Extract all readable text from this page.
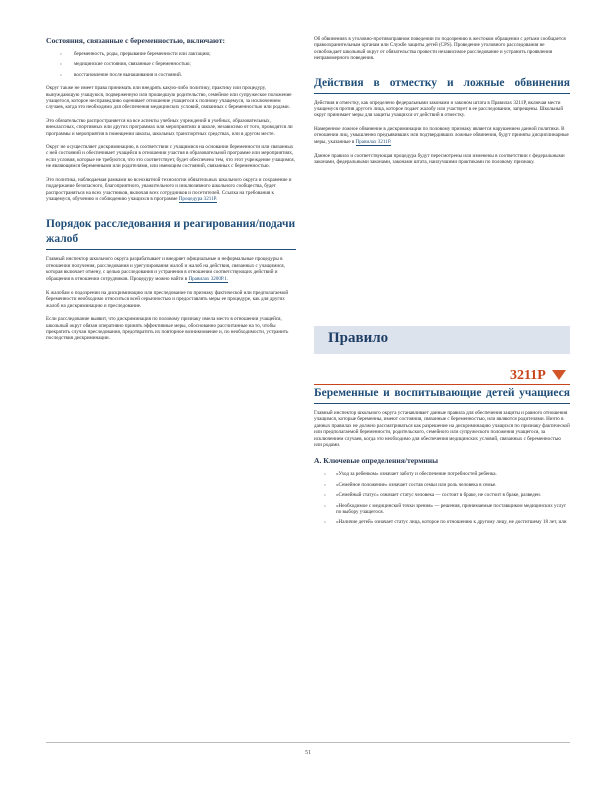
Состояния, связанные с беременностью, включают:
› беременность, роды, прерывание беременности или лактацию;
› медицинские состояния, связанные с беременностью;
› восстановление после вынашивания и состояний.

Округ также не имеет права принимать или внедрять какую-либо политику, практику или процедуру, вынуждающую учащуюся, подверженную или прошедшую родительство, семейное или супружеское положение учащегося, которое несправедливо оценивает отношение учащегося к полному учащемуся, за исключением случаев, когда это необходимо для обеспечения медицинских условий, связанных с беременностью или родами.

Это обязательство распространяется на все аспекты учебных учреждений в учебных, образовательных, внеклассных, спортивных или других программах или мероприятиях в школе, независимо от того, проводятся ли программы и мероприятия в помещении школы, школьных транспортных средствах, или в другом месте.

Округ не осуществляет дискриминацию, в соответствии с учащимися на основании беременности или связанных с ней состояний и обеспечивает учащейся в отношении участия в образовательной программе или мероприятиях, если условия, которые не требуются, что это соответствует, будет обеспечено тем, что этот учреждение учащимся, не являющимся беременными или родителями, или имеющим состояний, связанных с беременностью.

Это политика, наблюдаемая рамками во всеохватной технологии обязательных школьного округа и сохранение и поддержание безопасного, благоприятного, уважительного и инклюзивного школьного сообщества, будет распространяться на всех участников, включая всех сотрудников и посетителей. Ссылка на требования к учащемуся, обучению и соблюдению учащихся в программе Процедура 3211P.

Порядок расследования и реагирования/подачи жалоб

Главный инспектор школьного округа разрабатывает и внедряет официальные и неформальные процедуры в отношении получения, расследования и урегулирования жалоб и жалоб на действия, связанных с учащимися, которая включает отмену, с целью расследования и устранения в отношении соответствующих действий и обращения в отношении сотрудников. Процедуру можно найти в Правилах 3200P.1.

К жалобам о подозрении на дискриминацию или преследование по признаку фактической или предполагаемой беременности необходимо относиться всей серьезностью и предоставлять меры ее процедуре, как для других жалоб на дискриминацию и преследование.

Если расследование выявит, что дискриминация по половому признаку имела место в отношении учащейся, школьный округ обязан оперативно принять эффективные меры, обоснованно рассчитанные на то, чтобы прекратить случаи преследования, предотвратить их повторное возникновение и, по необходимости, устранить последствия дискриминации.

Об обвинениях в уголовно-противоправном поведении по подозрению в жестоком обращении с детьми сообщается правоохранительным органам или Службе защиты детей (CPS). Проведение уголовного расследования не освобождает школьный округ от обязательства провести независимое расследование и устранить проявления неправомерного поведения.

Действия в отместку и ложные обвинения

Действия в отместку, как определено федеральными законами и законом штата в Правилах 3211P, включая мести учащемуся против другого лица, которое подает жалобу или участвует в ее расследовании, запрещены. Школьный округ принимает меры для защиты учащихся от действий в отместку.

Намеренное ложное обвинение в дискриминации по половому признаку является нарушением данной политики. В отношении лиц, умышленно предъявивших или подтвердивших ложные обвинения, будут приняты дисциплинарные меры, указанные в Правилах 3211P.

Данное правило и соответствующая процедура будут пересмотрены или изменены в соответствии с федеральными законами, федеральными законами, законами штата, наилучшими практиками по половому признаку.

Правило
3211P
Беременные и воспитывающие детей учащиеся

Главный инспектор школьного округа устанавливает данные правила для обеспечения защиты и равного отношения учащимся, которые беременны, имеют состояния, связанные с беременностью, или являются родителями. Ничто в данных правилах не должно рассматриваться как разрешение на дискриминацию учащихся по признаку фактической или предполагаемой беременности, родительского, семейного или супружеского положения учащегося, за исключением случаев, когда это необходимо для обеспечения медицинских условий, связанных с беременностью или родами.

A. Ключевые определения/термины
› «Уход за ребенком» означает заботу и обеспечение потребностей ребенка.
› «Семейное положение» означает состав семьи или роль человека в семье.
› «Семейный статус» означает статус человека — состоит в браке, не состоит в браке, разведен.
› «Необходимое с медицинской точки зрения» — решения, принимаемые поставщиком медицинских услуг по выбору учащегося.
› «Наличие детей» означает статус лица, которое по отношению к другому лицу, не достигшему 18 лет, или
51
